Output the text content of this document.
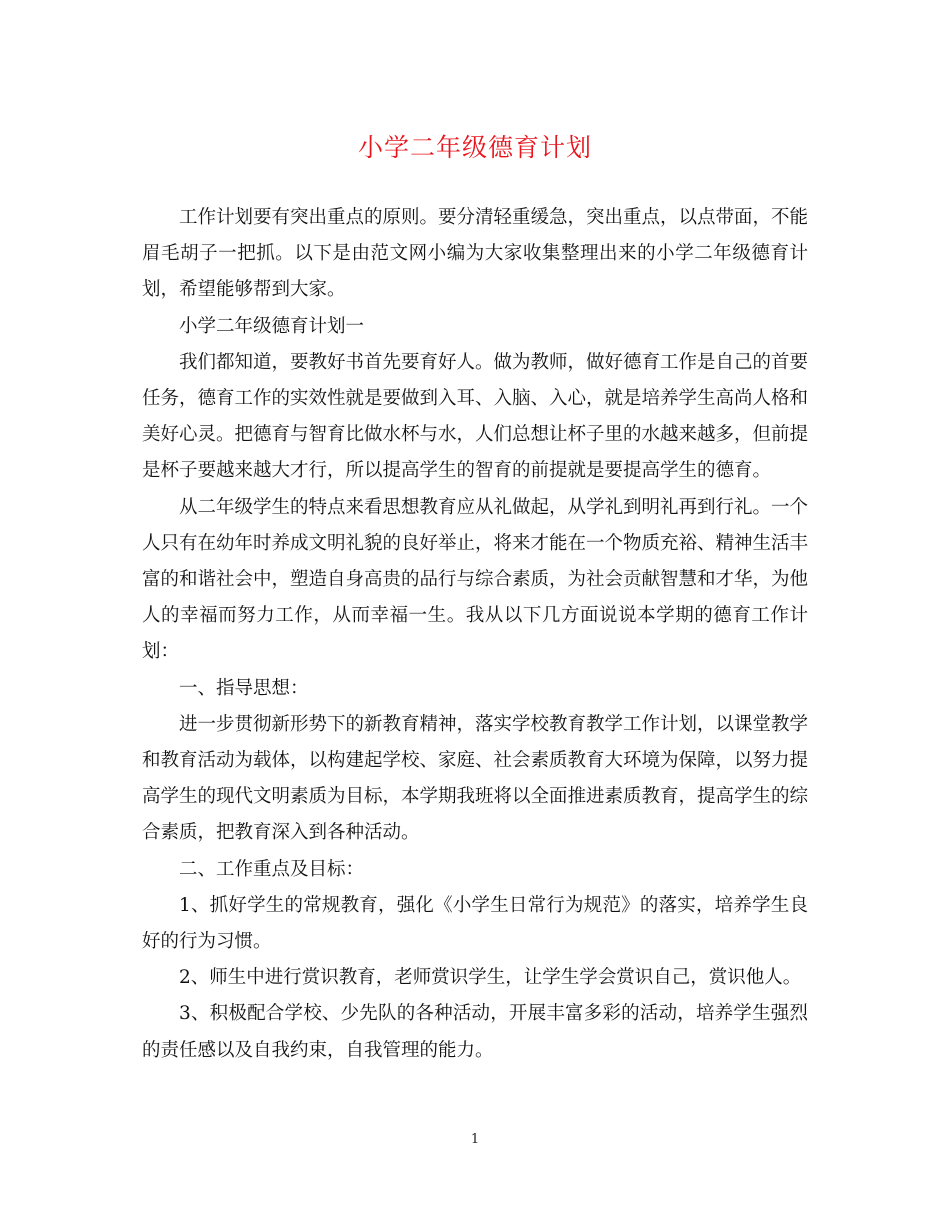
小学二年级德育计划

工作计划要有突出重点的原则。要分清轻重缓急，突出重点，以点带面，不能眉毛胡子一把抓。以下是由范文网小编为大家收集整理出来的小学二年级德育计划，希望能够帮到大家。

小学二年级德育计划一

我们都知道，要教好书首先要育好人。做为教师，做好德育工作是自己的首要任务，德育工作的实效性就是要做到入耳、入脑、入心，就是培养学生高尚人格和美好心灵。把德育与智育比做水杯与水，人们总想让杯子里的水越来越多，但前提是杯子要越来越大才行，所以提高学生的智育的前提就是要提高学生的德育。

从二年级学生的特点来看思想教育应从礼做起，从学礼到明礼再到行礼。一个人只有在幼年时养成文明礼貌的良好举止，将来才能在一个物质充裕、精神生活丰富的和谐社会中，塑造自身高贵的品行与综合素质，为社会贡献智慧和才华，为他人的幸福而努力工作，从而幸福一生。我从以下几方面说说本学期的德育工作计划：

一、指导思想：

进一步贯彻新形势下的新教育精神，落实学校教育教学工作计划，以课堂教学和教育活动为载体，以构建起学校、家庭、社会素质教育大环境为保障，以努力提高学生的现代文明素质为目标，本学期我班将以全面推进素质教育，提高学生的综合素质，把教育深入到各种活动。

二、工作重点及目标：

1、抓好学生的常规教育，强化《小学生日常行为规范》的落实，培养学生良好的行为习惯。

2、师生中进行赏识教育，老师赏识学生，让学生学会赏识自己，赏识他人。

3、积极配合学校、少先队的各种活动，开展丰富多彩的活动，培养学生强烈的责任感以及自我约束，自我管理的能力。

1
